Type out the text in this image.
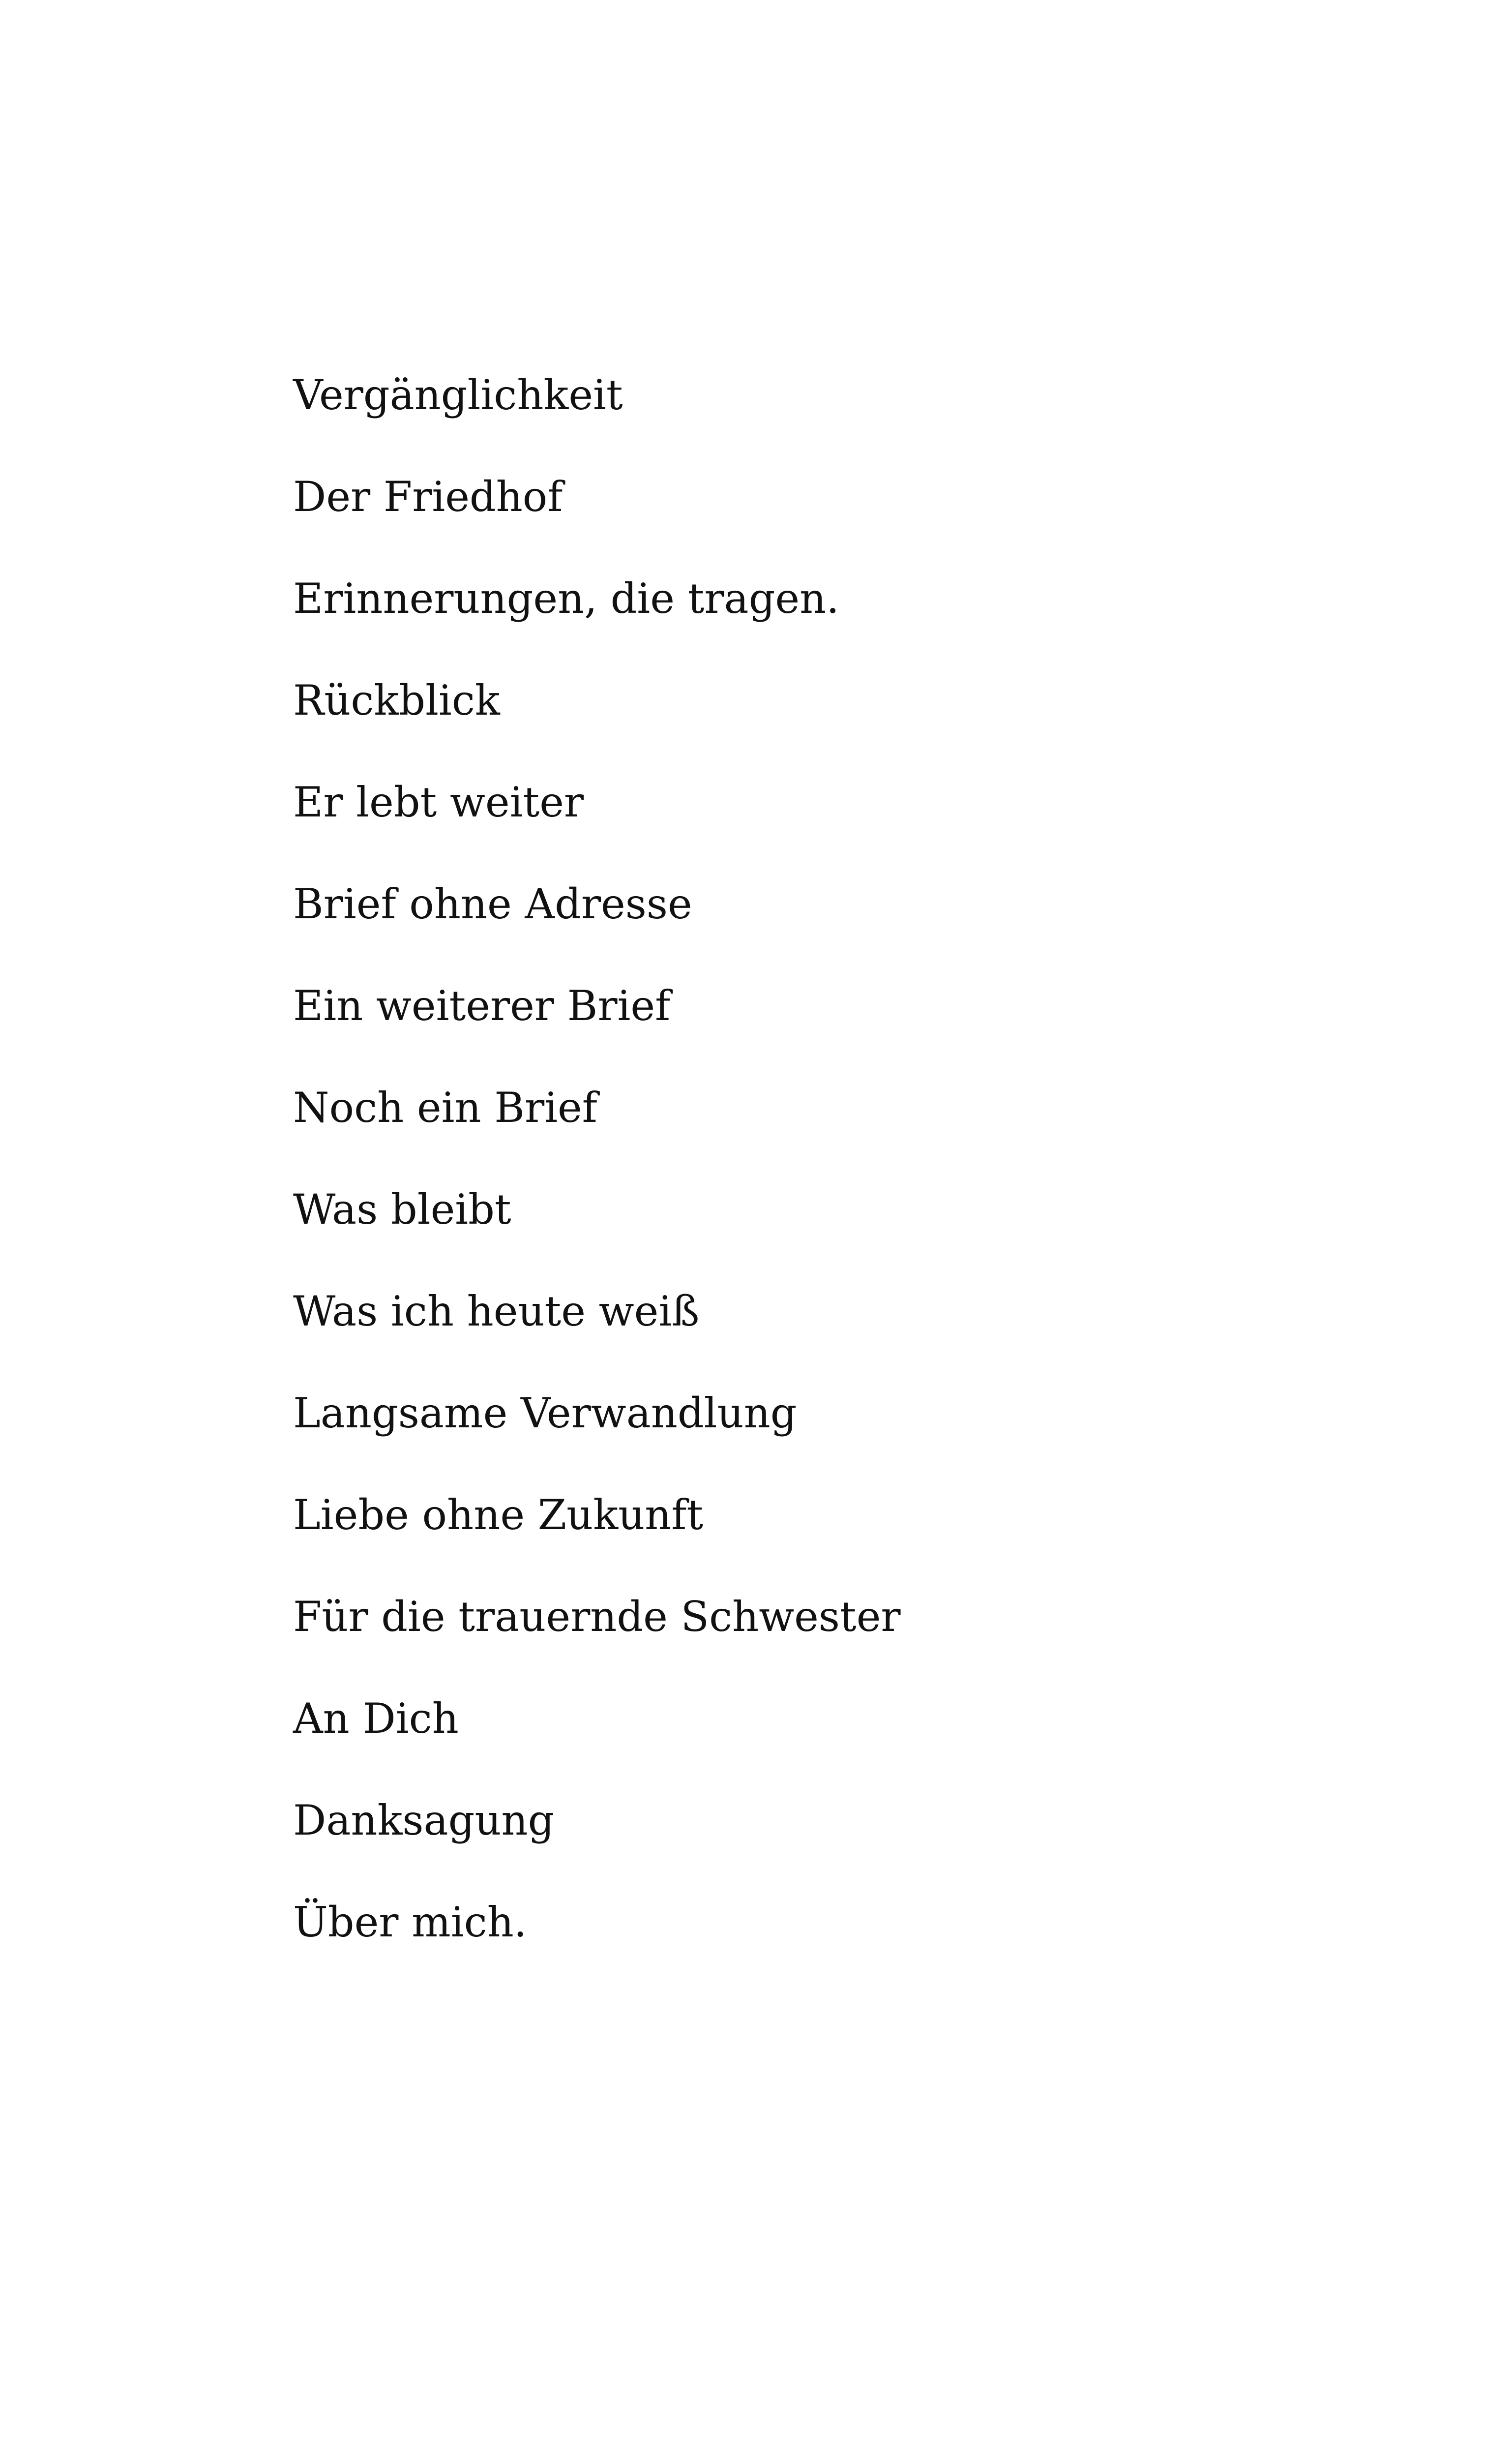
Vergänglichkeit
Der Friedhof
Erinnerungen, die tragen.
Rückblick
Er lebt weiter
Brief ohne Adresse
Ein weiterer Brief
Noch ein Brief
Was bleibt
Was ich heute weiß
Langsame Verwandlung
Liebe ohne Zukunft
Für die trauernde Schwester
An Dich
Danksagung
Über mich.
